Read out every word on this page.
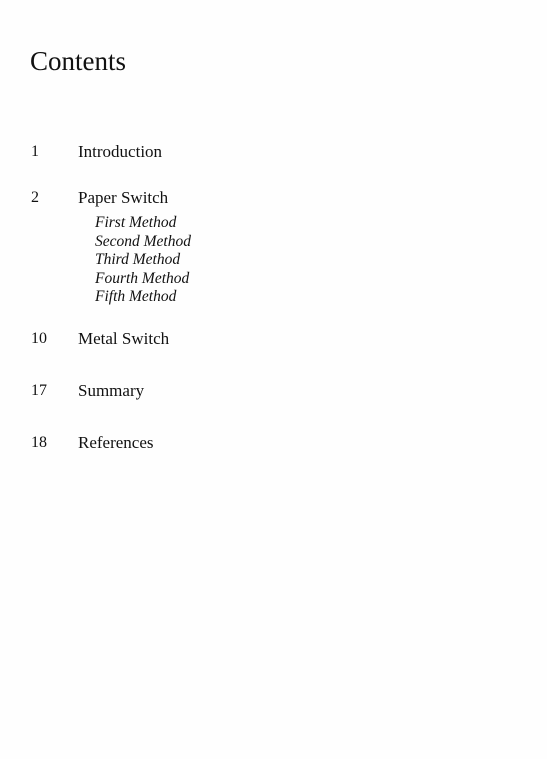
Contents
1 Introduction
2 Paper Switch
First Method
Second Method
Third Method
Fourth Method
Fifth Method
10 Metal Switch
17 Summary
18 References
